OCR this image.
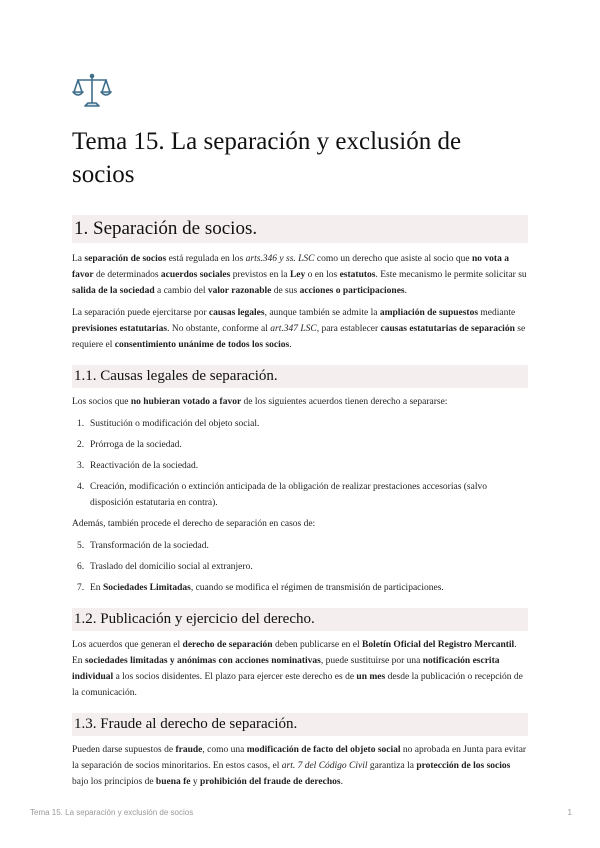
Tema 15. La separación y exclusión de socios
1. Separación de socios.

La separación de socios está regulada en los arts.346 y ss. LSC como un derecho que asiste al socio que no vota a favor de determinados acuerdos sociales previstos en la Ley o en los estatutos. Este mecanismo le permite solicitar su salida de la sociedad a cambio del valor razonable de sus acciones o participaciones.

La separación puede ejercitarse por causas legales, aunque también se admite la ampliación de supuestos mediante previsiones estatutarias. No obstante, conforme al art.347 LSC, para establecer causas estatutarias de separación se requiere el consentimiento unánime de todos los socios.

1.1. Causas legales de separación.

Los socios que no hubieran votado a favor de los siguientes acuerdos tienen derecho a separarse:

1. Sustitución o modificación del objeto social.
2. Prórroga de la sociedad.
3. Reactivación de la sociedad.
4. Creación, modificación o extinción anticipada de la obligación de realizar prestaciones accesorias (salvo disposición estatutaria en contra).

Además, también procede el derecho de separación en casos de:

5. Transformación de la sociedad.
6. Traslado del domicilio social al extranjero.
7. En Sociedades Limitadas, cuando se modifica el régimen de transmisión de participaciones.
1.2. Publicación y ejercicio del derecho.

Los acuerdos que generan el derecho de separación deben publicarse en el Boletín Oficial del Registro Mercantil. En sociedades limitadas y anónimas con acciones nominativas, puede sustituirse por una notificación escrita individual a los socios disidentes. El plazo para ejercer este derecho es de un mes desde la publicación o recepción de la comunicación.

1.3. Fraude al derecho de separación.

Pueden darse supuestos de fraude, como una modificación de facto del objeto social no aprobada en Junta para evitar la separación de socios minoritarios. En estos casos, el art. 7 del Código Civil garantiza la protección de los socios bajo los principios de buena fe y prohibición del fraude de derechos.

Tema 15. La separación y exclusión de socios	1
